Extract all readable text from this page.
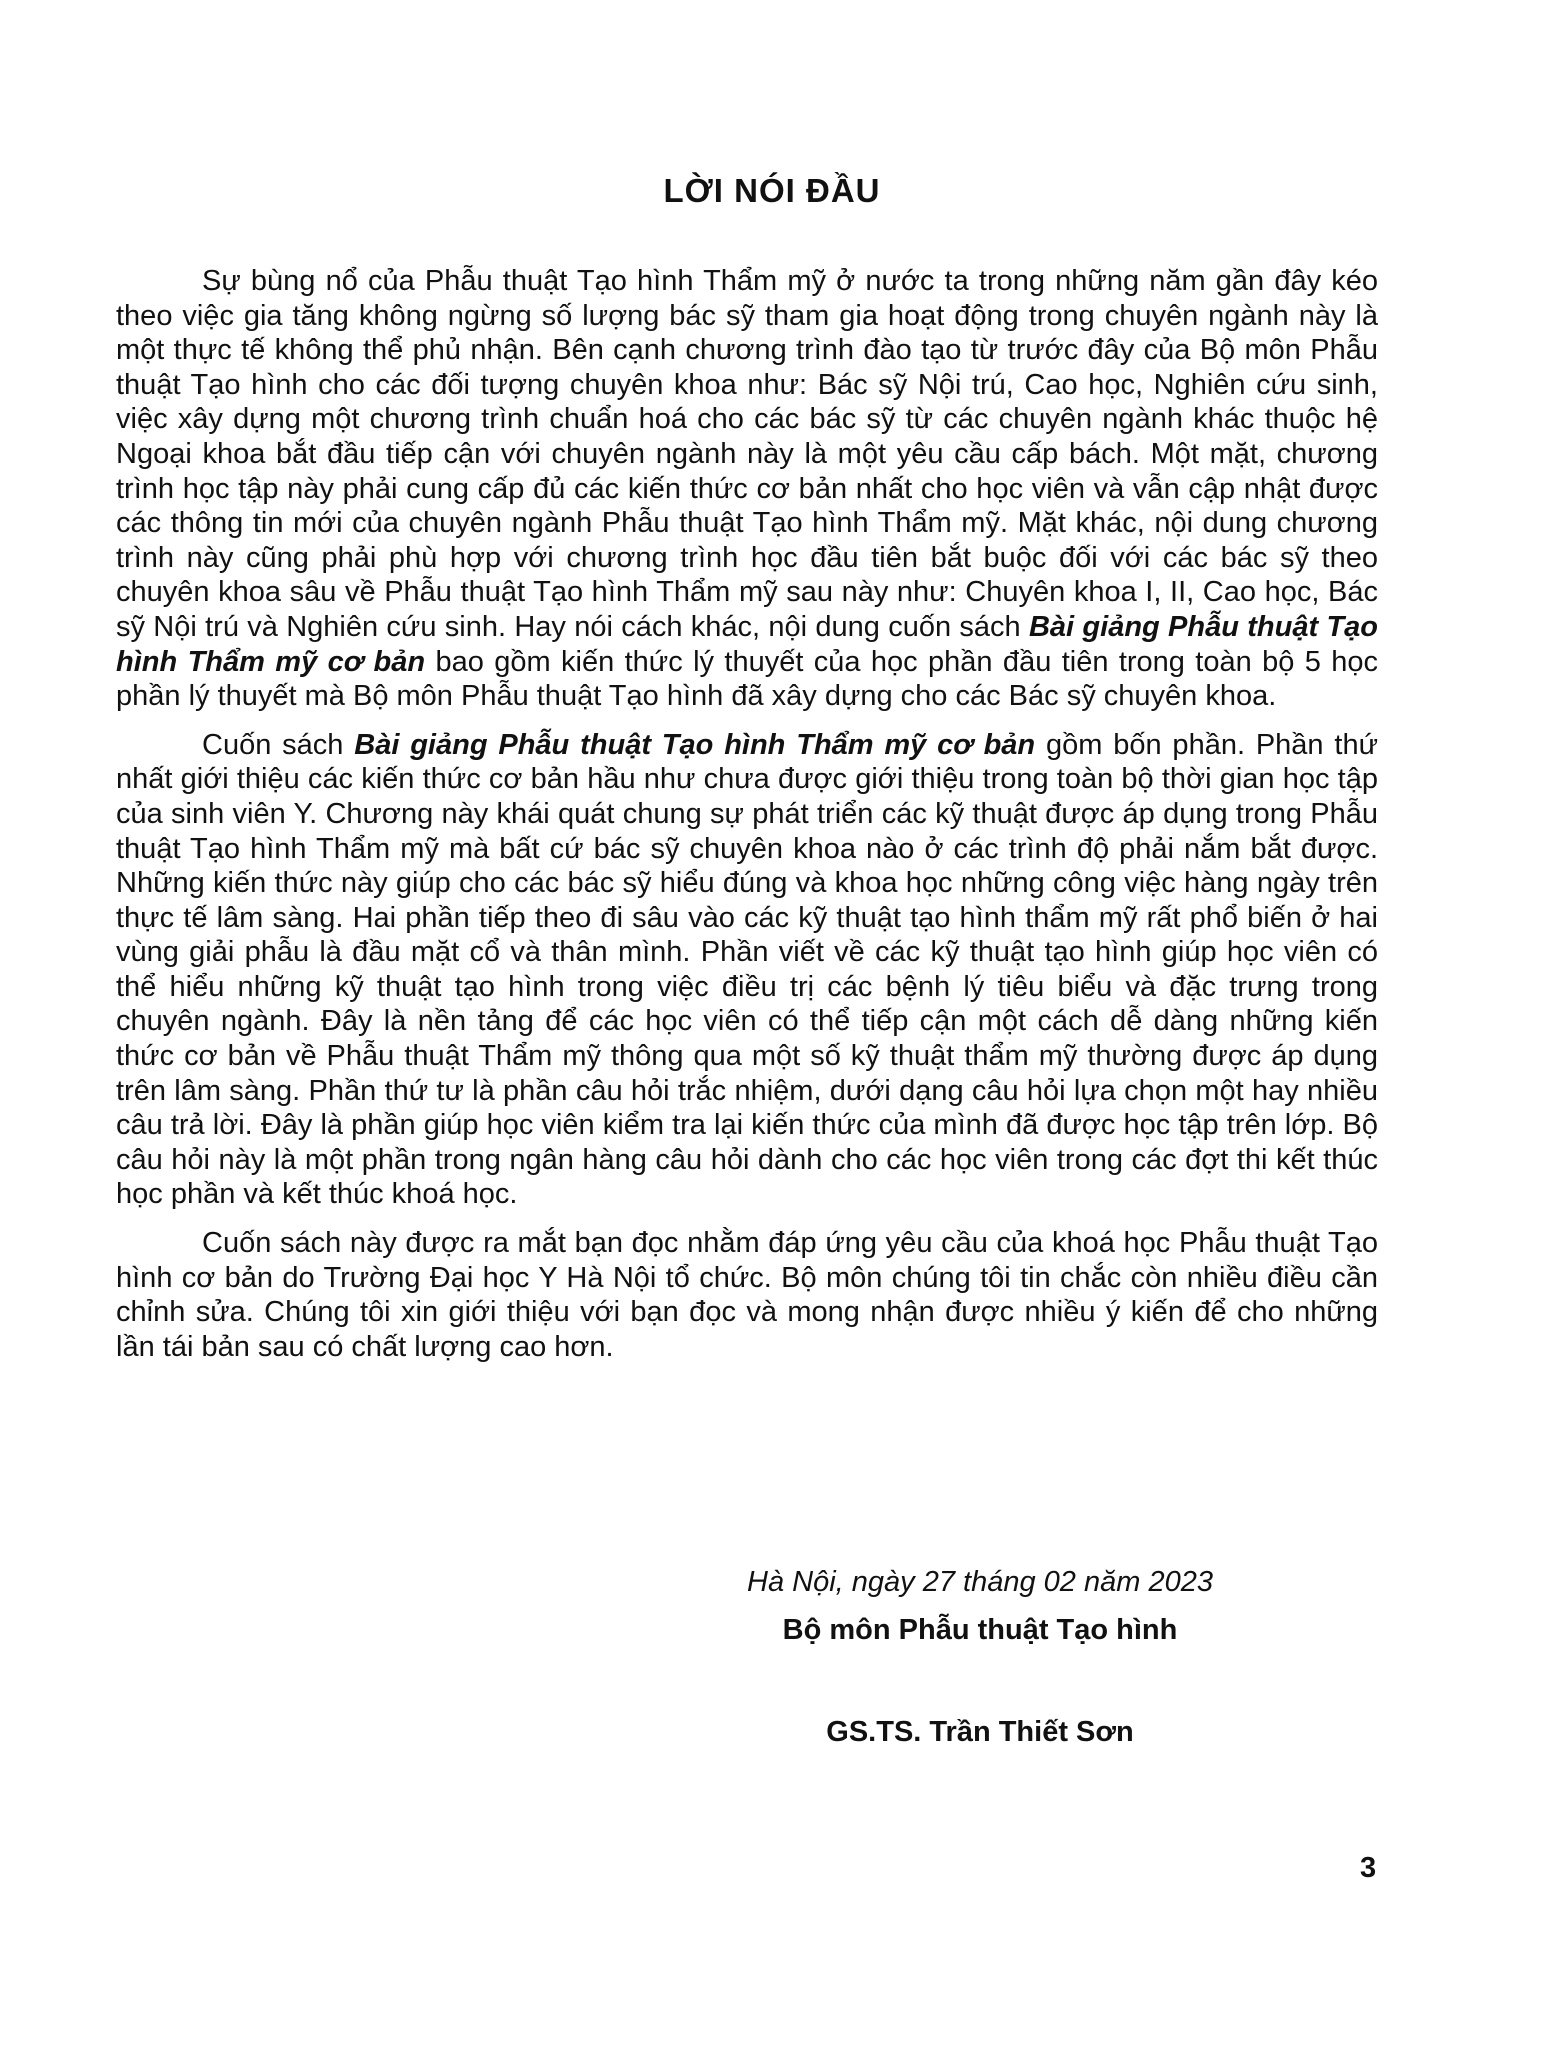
LỜI NÓI ĐẦU

Sự bùng nổ của Phẫu thuật Tạo hình Thẩm mỹ ở nước ta trong những năm gần đây kéo theo việc gia tăng không ngừng số lượng bác sỹ tham gia hoạt động trong chuyên ngành này là một thực tế không thể phủ nhận. Bên cạnh chương trình đào tạo từ trước đây của Bộ môn Phẫu thuật Tạo hình cho các đối tượng chuyên khoa như: Bác sỹ Nội trú, Cao học, Nghiên cứu sinh, việc xây dựng một chương trình chuẩn hoá cho các bác sỹ từ các chuyên ngành khác thuộc hệ Ngoại khoa bắt đầu tiếp cận với chuyên ngành này là một yêu cầu cấp bách. Một mặt, chương trình học tập này phải cung cấp đủ các kiến thức cơ bản nhất cho học viên và vẫn cập nhật được các thông tin mới của chuyên ngành Phẫu thuật Tạo hình Thẩm mỹ. Mặt khác, nội dung chương trình này cũng phải phù hợp với chương trình học đầu tiên bắt buộc đối với các bác sỹ theo chuyên khoa sâu về Phẫu thuật Tạo hình Thẩm mỹ sau này như: Chuyên khoa I, II, Cao học, Bác sỹ Nội trú và Nghiên cứu sinh. Hay nói cách khác, nội dung cuốn sách Bài giảng Phẫu thuật Tạo hình Thẩm mỹ cơ bản bao gồm kiến thức lý thuyết của học phần đầu tiên trong toàn bộ 5 học phần lý thuyết mà Bộ môn Phẫu thuật Tạo hình đã xây dựng cho các Bác sỹ chuyên khoa.

Cuốn sách Bài giảng Phẫu thuật Tạo hình Thẩm mỹ cơ bản gồm bốn phần. Phần thứ nhất giới thiệu các kiến thức cơ bản hầu như chưa được giới thiệu trong toàn bộ thời gian học tập của sinh viên Y. Chương này khái quát chung sự phát triển các kỹ thuật được áp dụng trong Phẫu thuật Tạo hình Thẩm mỹ mà bất cứ bác sỹ chuyên khoa nào ở các trình độ phải nắm bắt được. Những kiến thức này giúp cho các bác sỹ hiểu đúng và khoa học những công việc hàng ngày trên thực tế lâm sàng. Hai phần tiếp theo đi sâu vào các kỹ thuật tạo hình thẩm mỹ rất phổ biến ở hai vùng giải phẫu là đầu mặt cổ và thân mình. Phần viết về các kỹ thuật tạo hình giúp học viên có thể hiểu những kỹ thuật tạo hình trong việc điều trị các bệnh lý tiêu biểu và đặc trưng trong chuyên ngành. Đây là nền tảng để các học viên có thể tiếp cận một cách dễ dàng những kiến thức cơ bản về Phẫu thuật Thẩm mỹ thông qua một số kỹ thuật thẩm mỹ thường được áp dụng trên lâm sàng. Phần thứ tư là phần câu hỏi trắc nhiệm, dưới dạng câu hỏi lựa chọn một hay nhiều câu trả lời. Đây là phần giúp học viên kiểm tra lại kiến thức của mình đã được học tập trên lớp. Bộ câu hỏi này là một phần trong ngân hàng câu hỏi dành cho các học viên trong các đợt thi kết thúc học phần và kết thúc khoá học.

Cuốn sách này được ra mắt bạn đọc nhằm đáp ứng yêu cầu của khoá học Phẫu thuật Tạo hình cơ bản do Trường Đại học Y Hà Nội tổ chức. Bộ môn chúng tôi tin chắc còn nhiều điều cần chỉnh sửa. Chúng tôi xin giới thiệu với bạn đọc và mong nhận được nhiều ý kiến để cho những lần tái bản sau có chất lượng cao hơn.

Hà Nội, ngày 27 tháng 02 năm 2023
Bộ môn Phẫu thuật Tạo hình
GS.TS. Trần Thiết Sơn
3
